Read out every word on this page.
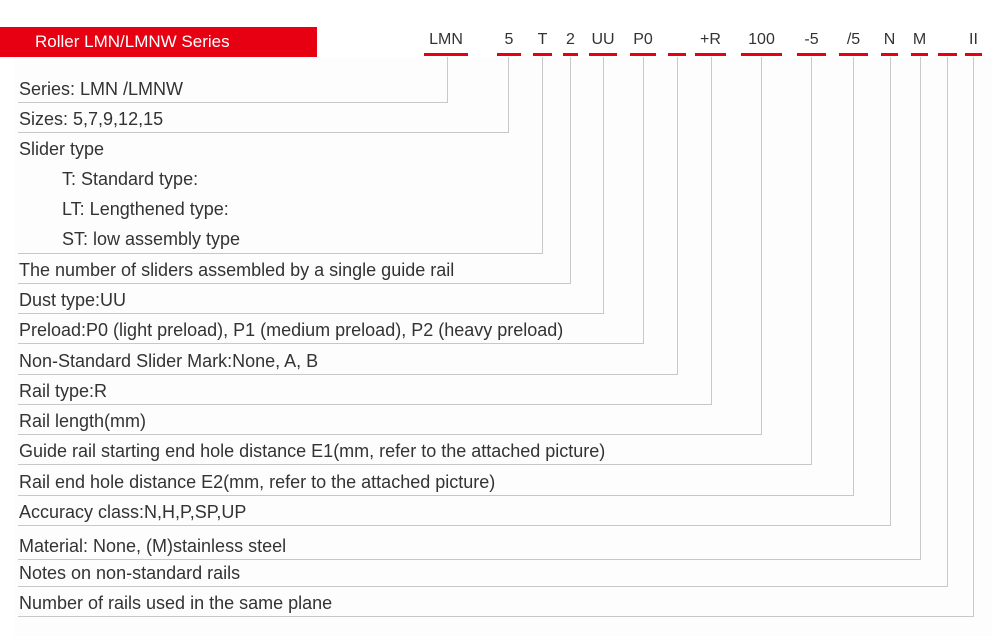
Roller LMN/LMNW Series	LMN	5	T 2 UU P0	+R	100	-5	/5	N M	II
Series: LMN /LMNW
Sizes: 5,7,9,12,15
Slider type
T: Standard type:
LT: Lengthened type:
ST: low assembly type
The number of sliders assembled by a single guide rail
Dust type:UU
Preload:P0 (light preload), P1 (medium preload), P2 (heavy preload)
Non-Standard Slider Mark:None, A, B
Rail type:R
Rail length(mm)
Guide rail starting end hole distance E1(mm, refer to the attached picture)
Rail end hole distance E2(mm, refer to the attached picture)
Accuracy class:N,H,P,SP,UP
Material: None, (M)stainless steel
Notes on non-standard rails
Number of rails used in the same plane
